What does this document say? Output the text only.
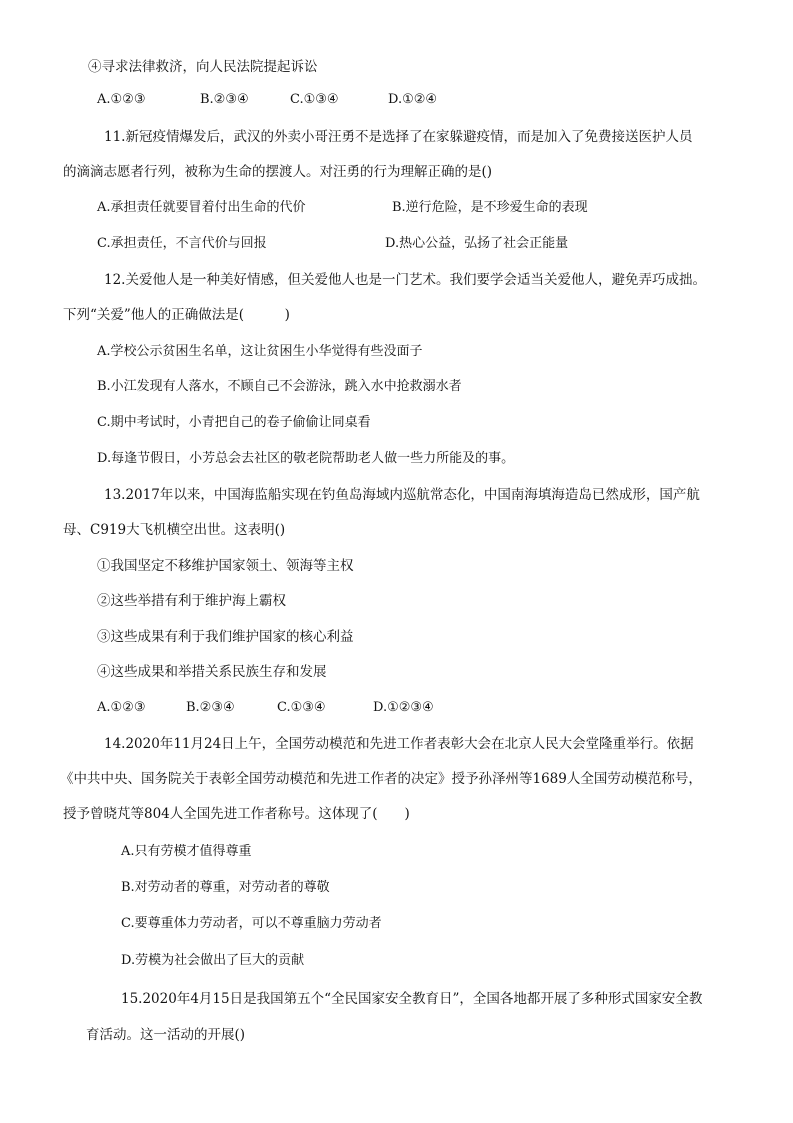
④寻求法律救济，向人民法院提起诉讼
A.①②③	B.②③④	C.①③④	D.①②④
11.新冠疫情爆发后，武汉的外卖小哥汪勇不是选择了在家躲避疫情，而是加入了免费接送医护人员
的滴滴志愿者行列，被称为生命的摆渡人。对汪勇的行为理解正确的是()
A.承担责任就要冒着付出生命的代价	B.逆行危险，是不珍爱生命的表现
C.承担责任，不言代价与回报	D.热心公益，弘扬了社会正能量
12.关爱他人是一种美好情感，但关爱他人也是一门艺术。我们要学会适当关爱他人，避免弄巧成拙。
下列“关爱”他人的正确做法是(　　　)
A.学校公示贫困生名单，这让贫困生小华觉得有些没面子
B.小江发现有人落水，不顾自己不会游泳，跳入水中抢救溺水者
C.期中考试时，小青把自己的卷子偷偷让同桌看
D.每逢节假日，小芳总会去社区的敬老院帮助老人做一些力所能及的事。
13.2017年以来，中国海监船实现在钓鱼岛海域内巡航常态化，中国南海填海造岛已然成形，国产航
母、C919大飞机横空出世。这表明()
①我国坚定不移维护国家领土、领海等主权
②这些举措有利于维护海上霸权
③这些成果有利于我们维护国家的核心利益
④这些成果和举措关系民族生存和发展
A.①②③	B.②③④	C.①③④	D.①②③④
14.2020年11月24日上午，全国劳动模范和先进工作者表彰大会在北京人民大会堂隆重举行。依据
《中共中央、国务院关于表彰全国劳动模范和先进工作者的决定》授予孙泽州等1689人全国劳动模范称号，
授予曾晓芃等804人全国先进工作者称号。这体现了(　　)
A.只有劳模才值得尊重
B.对劳动者的尊重，对劳动者的尊敬
C.要尊重体力劳动者，可以不尊重脑力劳动者
D.劳模为社会做出了巨大的贡献
15.2020年4月15日是我国第五个“全民国家安全教育日”，全国各地都开展了多种形式国家安全教
育活动。这一活动的开展()
